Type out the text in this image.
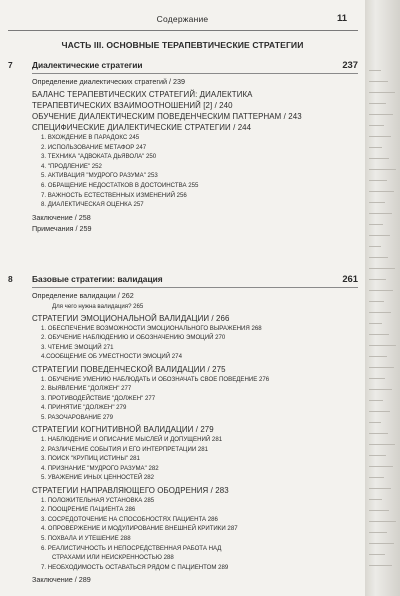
Содержание	11
ЧАСТЬ III. ОСНОВНЫЕ ТЕРАПЕВТИЧЕСКИЕ СТРАТЕГИИ
7 Диалектические стратегии	237
Определение диалектических стратегий / 239
БАЛАНС ТЕРАПЕВТИЧЕСКИХ СТРАТЕГИЙ: ДИАЛЕКТИКА
ТЕРАПЕВТИЧЕСКИХ ВЗАИМООТНОШЕНИЙ [2] / 240
ОБУЧЕНИЕ ДИАЛЕКТИЧЕСКИМ ПОВЕДЕНЧЕСКИМ ПАТТЕРНАМ / 243
СПЕЦИФИЧЕСКИЕ ДИАЛЕКТИЧЕСКИЕ СТРАТЕГИИ / 244
1. ВХОЖДЕНИЕ В ПАРАДОКС 245
2. ИСПОЛЬЗОВАНИЕ МЕТАФОР 247
3. ТЕХНИКА "АДВОКАТА ДЬЯВОЛА" 250
4. "ПРОДЛЕНИЕ" 252
5. АКТИВАЦИЯ "МУДРОГО РАЗУМА" 253
6. ОБРАЩЕНИЕ НЕДОСТАТКОВ В ДОСТОИНСТВА 255
7. ВАЖНОСТЬ ЕСТЕСТВЕННЫХ ИЗМЕНЕНИЙ 256
8. ДИАЛЕКТИЧЕСКАЯ ОЦЕНКА 257
Заключение / 258
Примечания / 259
8 Базовые стратегии: валидация	261
Определение валидации / 262
Для чего нужна валидация? 265
СТРАТЕГИИ ЭМОЦИОНАЛЬНОЙ ВАЛИДАЦИИ / 266
1. ОБЕСПЕЧЕНИЕ ВОЗМОЖНОСТИ ЭМОЦИОНАЛЬНОГО ВЫРАЖЕНИЯ 268
2. ОБУЧЕНИЕ НАБЛЮДЕНИЮ И ОБОЗНАЧЕНИЮ ЭМОЦИЙ 270
3. ЧТЕНИЕ ЭМОЦИЙ 271
4.СООБЩЕНИЕ ОБ УМЕСТНОСТИ ЭМОЦИЙ 274
СТРАТЕГИИ ПОВЕДЕНЧЕСКОЙ ВАЛИДАЦИИ / 275
1. ОБУЧЕНИЕ УМЕНИЮ НАБЛЮДАТЬ И ОБОЗНАЧАТЬ СВОЕ ПОВЕДЕНИЕ 276
2. ВЫЯВЛЕНИЕ "ДОЛЖЕН" 277
3. ПРОТИВОДЕЙСТВИЕ "ДОЛЖЕН" 277
4. ПРИНЯТИЕ "ДОЛЖЕН" 279
5. РАЗОЧАРОВАНИЕ 279
СТРАТЕГИИ КОГНИТИВНОЙ ВАЛИДАЦИИ / 279
1. НАБЛЮДЕНИЕ И ОПИСАНИЕ МЫСЛЕЙ И ДОПУЩЕНИЙ 281
2. РАЗЛИЧЕНИЕ СОБЫТИЯ И ЕГО ИНТЕРПРЕТАЦИИ 281
3. ПОИСК "КРУПИЦ ИСТИНЫ" 281
4. ПРИЗНАНИЕ "МУДРОГО РАЗУМА" 282
5. УВАЖЕНИЕ ИНЫХ ЦЕННОСТЕЙ 282
СТРАТЕГИИ НАПРАВЛЯЮЩЕГО ОБОДРЕНИЯ / 283
1. ПОЛОЖИТЕЛЬНАЯ УСТАНОВКА 285
2. ПООЩРЕНИЕ ПАЦИЕНТА 286
3. СОСРЕДОТОЧЕНИЕ НА СПОСОБНОСТЯХ ПАЦИЕНТА 286
4. ОПРОВЕРЖЕНИЕ И МОДУЛИРОВАНИЕ ВНЕШНЕЙ КРИТИКИ 287
5. ПОХВАЛА И УТЕШЕНИЕ 288
6. РЕАЛИСТИЧНОСТЬ И НЕПОСРЕДСТВЕННАЯ РАБОТА НАД
СТРАХАМИ ИЛИ НЕИСКРЕННОСТЬЮ 288
7. НЕОБХОДИМОСТЬ ОСТАВАТЬСЯ РЯДОМ С ПАЦИЕНТОМ 289
Заключение / 289
